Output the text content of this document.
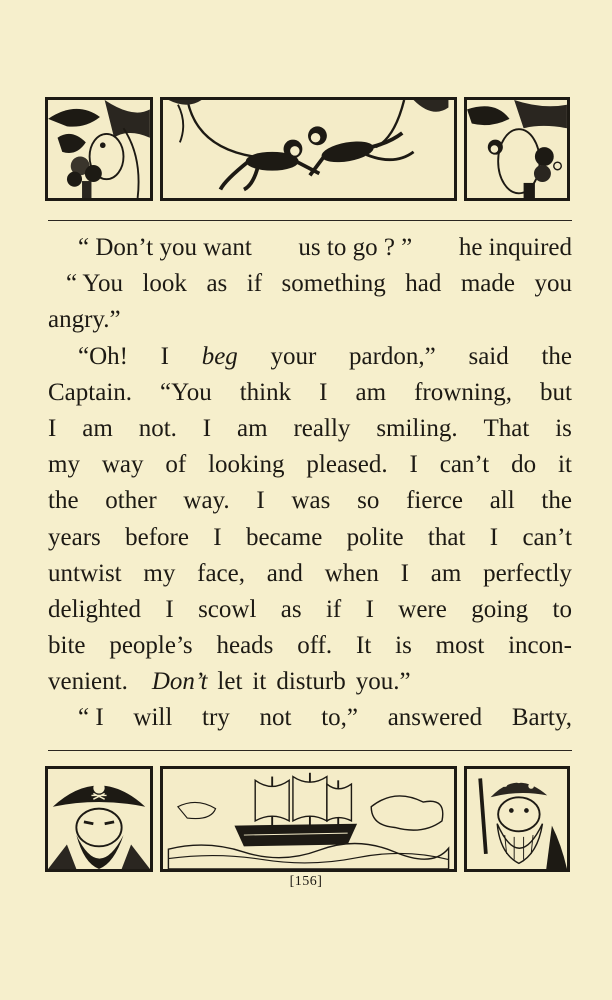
“ Don’t you want us to go ? ” he inquired
“ You look as if something had made you
angry.”
“Oh! I beg your pardon,” said the
Captain. “You think I am frowning, but
I am not. I am really smiling. That is
my way of looking pleased. I can’t do it
the other way. I was so fierce all the
years before I became polite that I can’t
untwist my face, and when I am perfectly
delighted I scowl as if I were going to
bite people’s heads off. It is most incon-
venient. Don’t let it disturb you.”
“ I will try not to,” answered Barty,
[156]
